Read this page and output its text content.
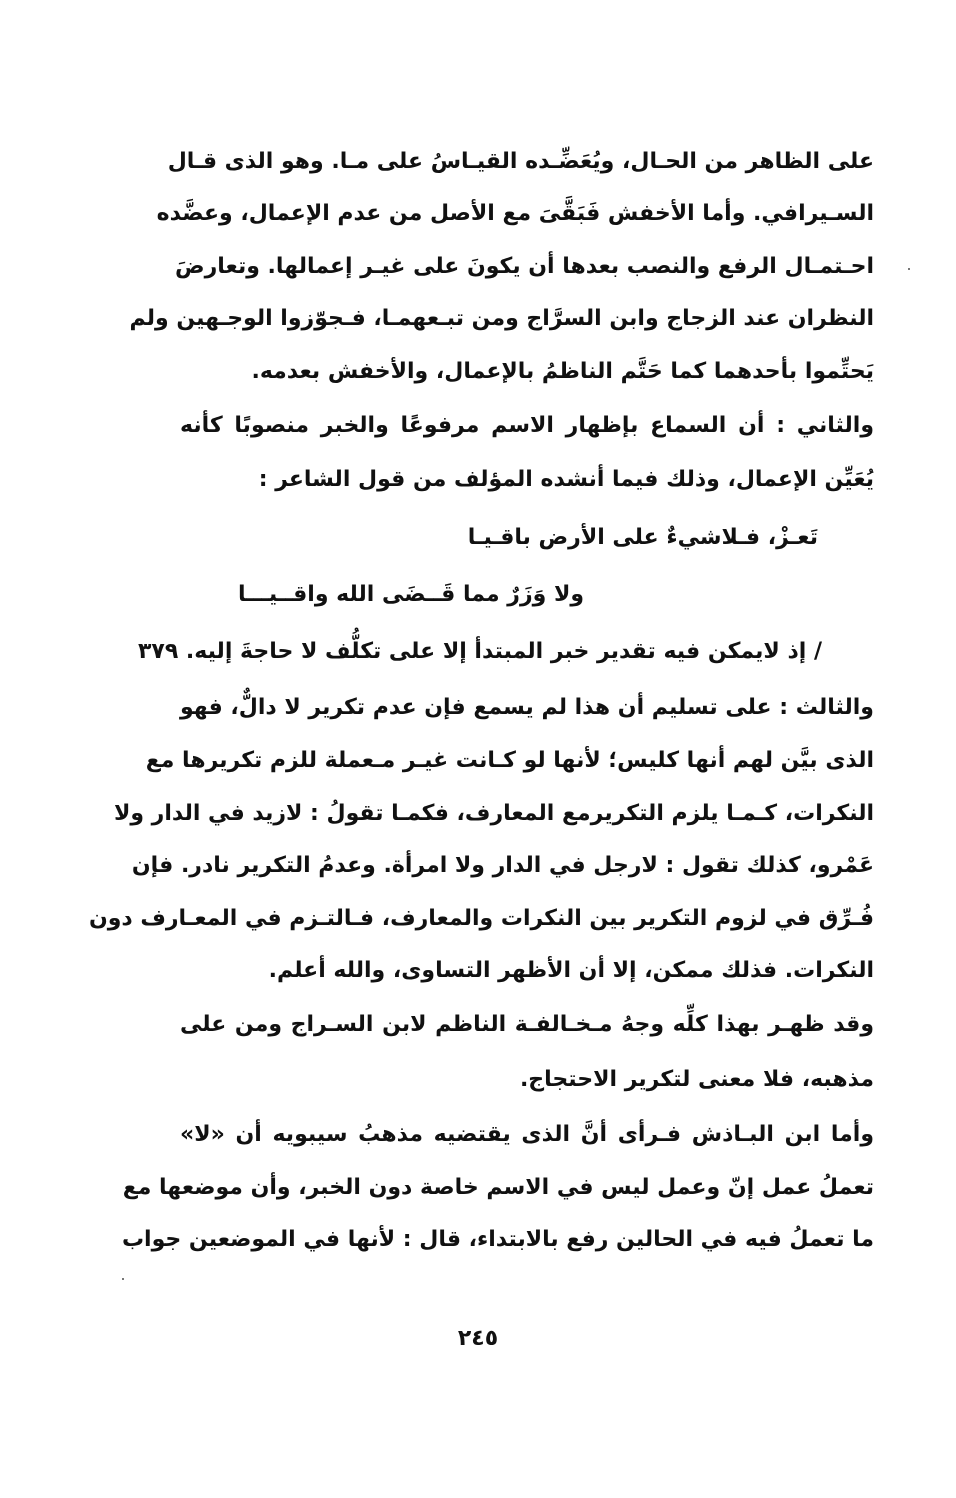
على الظاهر من الحـال، ويُعَضِّـده القيـاسُ على مـا. وهو الذى قـال
السـيرافي. وأما الأخفش فَبَقَّىَ مع الأصل من عدم الإعمال، وعضَّده
احـتمـال الرفع والنصب بعدها أن يكونَ على غيـر إعمالها. وتعارضَ
النظران عند الزجاج وابن السرَّاج ومن تبـعهمـا، فـجوّزوا الوجـهين ولم
يَحتِّموا بأحدهما كما حَتَّم الناظمُ بالإعمال، والأخفش بعدمه.
والثاني : أن السماع بإظهار الاسم مرفوعًا والخبر منصوبًا كأنه
يُعَيِّن الإعمال، وذلك فيما أنشده المؤلف من قول الشاعر :
تَعـزْ، فـلاشيءٌ على الأرض باقـيـا
ولا وَزَرٌ مما قَــضَى الله واقــيـــا
/ إذ لايمكن فيه تقدير خبر المبتدأ إلا على تكلُّف لا حاجةَ إليه.
٣٧٩
والثالث : على تسليم أن هذا لم يسمع فإن عدم تكرير لا دالٌّ، فهو
الذى بيَّن لهم أنها كليس؛ لأنها لو كـانت غيـر مـعملة للزم تكريرها مع
النكرات، كـمـا يلزم التكريرمع المعارف، فكمـا تقولُ : لازيد في الدار ولا
عَمْرو، كذلك تقول : لارجل في الدار ولا امرأة. وعدمُ التكرير نادر. فإن
فُـرِّق في لزوم التكرير بين النكرات والمعارف، فـالتـزم في المعـارف دون
النكرات. فذلك ممكن، إلا أن الأظهر التساوى، والله أعلم.
وقد ظهـر بهذا كلِّه وجهُ مـخـالفـة الناظم لابن السـراج ومن على
مذهبه، فلا معنى لتكرير الاحتجاج.
وأما ابن البـاذش فـرأى أنَّ الذى يقتضيه مذهبُ سيبويه أن «لا»
تعملُ عمل إنّ وعمل ليس في الاسم خاصة دون الخبر، وأن موضعها مع
ما تعملُ فيه في الحالين رفع بالابتداء، قال : لأنها في الموضعين جواب
٢٤٥
